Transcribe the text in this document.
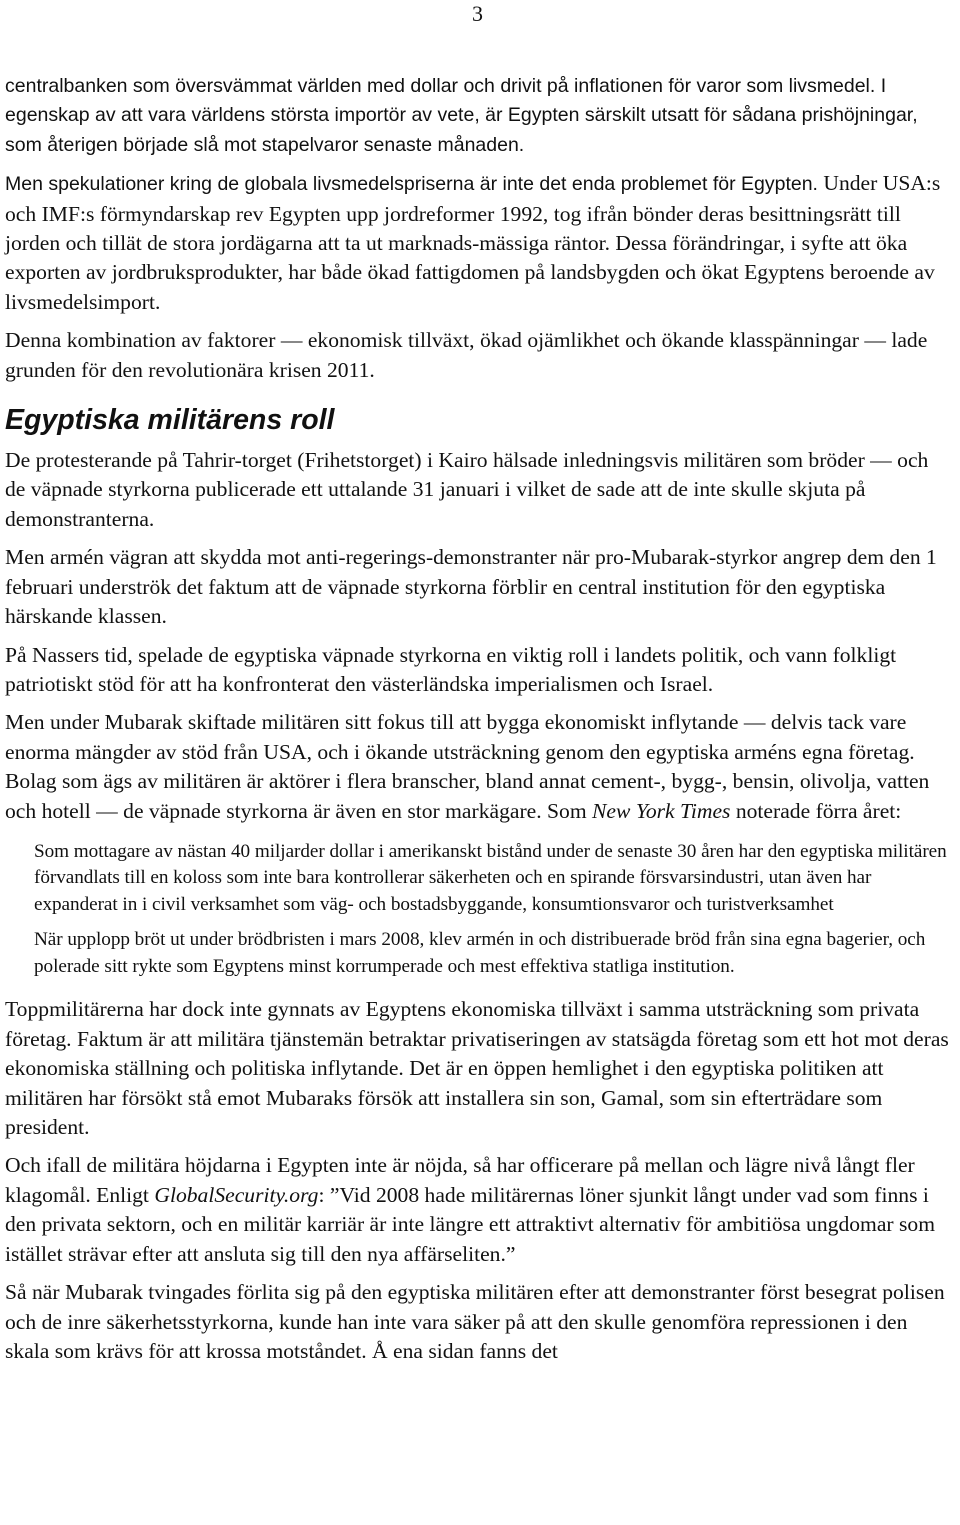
3

centralbanken som översvämmat världen med dollar och drivit på inflationen för varor som livsmedel. I egenskap av att vara världens största importör av vete, är Egypten särskilt utsatt för sådana prishöjningar, som återigen började slå mot stapelvaror senaste månaden.

Men spekulationer kring de globala livsmedelspriserna är inte det enda problemet för Egypten. Under USA:s och IMF:s förmyndarskap rev Egypten upp jordreformer 1992, tog ifrån bönder deras besittningsrätt till jorden och tillät de stora jordägarna att ta ut marknads-mässiga räntor. Dessa förändringar, i syfte att öka exporten av jordbruksprodukter, har både ökad fattigdomen på landsbygden och ökat Egyptens beroende av livsmedelsimport.

Denna kombination av faktorer — ekonomisk tillväxt, ökad ojämlikhet och ökande klasspänningar — lade grunden för den revolutionära krisen 2011.

Egyptiska militärens roll

De protesterande på Tahrir-torget (Frihetstorget) i Kairo hälsade inledningsvis militären som bröder — och de väpnade styrkorna publicerade ett uttalande 31 januari i vilket de sade att de inte skulle skjuta på demonstranterna.

Men armén vägran att skydda mot anti-regerings-demonstranter när pro-Mubarak-styrkor angrep dem den 1 februari underströk det faktum att de väpnade styrkorna förblir en central institution för den egyptiska härskande klassen.

På Nassers tid, spelade de egyptiska väpnade styrkorna en viktig roll i landets politik, och vann folkligt patriotiskt stöd för att ha konfronterat den västerländska imperialismen och Israel.

Men under Mubarak skiftade militären sitt fokus till att bygga ekonomiskt inflytande — delvis tack vare enorma mängder av stöd från USA, och i ökande utsträckning genom den egyptiska arméns egna företag. Bolag som ägs av militären är aktörer i flera branscher, bland annat cement-, bygg-, bensin, olivolja, vatten och hotell — de väpnade styrkorna är även en stor markägare. Som New York Times noterade förra året:

Som mottagare av nästan 40 miljarder dollar i amerikanskt bistånd under de senaste 30 åren har den egyptiska militären förvandlats till en koloss som inte bara kontrollerar säkerheten och en spirande försvarsindustri, utan även har expanderat in i civil verksamhet som väg- och bostadsbyggande, konsumtionsvaror och turistverksamhet

När upplopp bröt ut under brödbristen i mars 2008, klev armén in och distribuerade bröd från sina egna bagerier, och polerade sitt rykte som Egyptens minst korrumperade och mest effektiva statliga institution.

Toppmilitärerna har dock inte gynnats av Egyptens ekonomiska tillväxt i samma utsträckning som privata företag. Faktum är att militära tjänstemän betraktar privatiseringen av statsägda företag som ett hot mot deras ekonomiska ställning och politiska inflytande. Det är en öppen hemlighet i den egyptiska politiken att militären har försökt stå emot Mubaraks försök att installera sin son, Gamal, som sin efterträdare som president.

Och ifall de militära höjdarna i Egypten inte är nöjda, så har officerare på mellan och lägre nivå långt fler klagomål. Enligt GlobalSecurity.org: ”Vid 2008 hade militärernas löner sjunkit långt under vad som finns i den privata sektorn, och en militär karriär är inte längre ett attraktivt alternativ för ambitiösa ungdomar som istället strävar efter att ansluta sig till den nya affärseliten.”

Så när Mubarak tvingades förlita sig på den egyptiska militären efter att demonstranter först besegrat polisen och de inre säkerhetsstyrkorna, kunde han inte vara säker på att den skulle genomföra repressionen i den skala som krävs för att krossa motståndet. Å ena sidan fanns det
